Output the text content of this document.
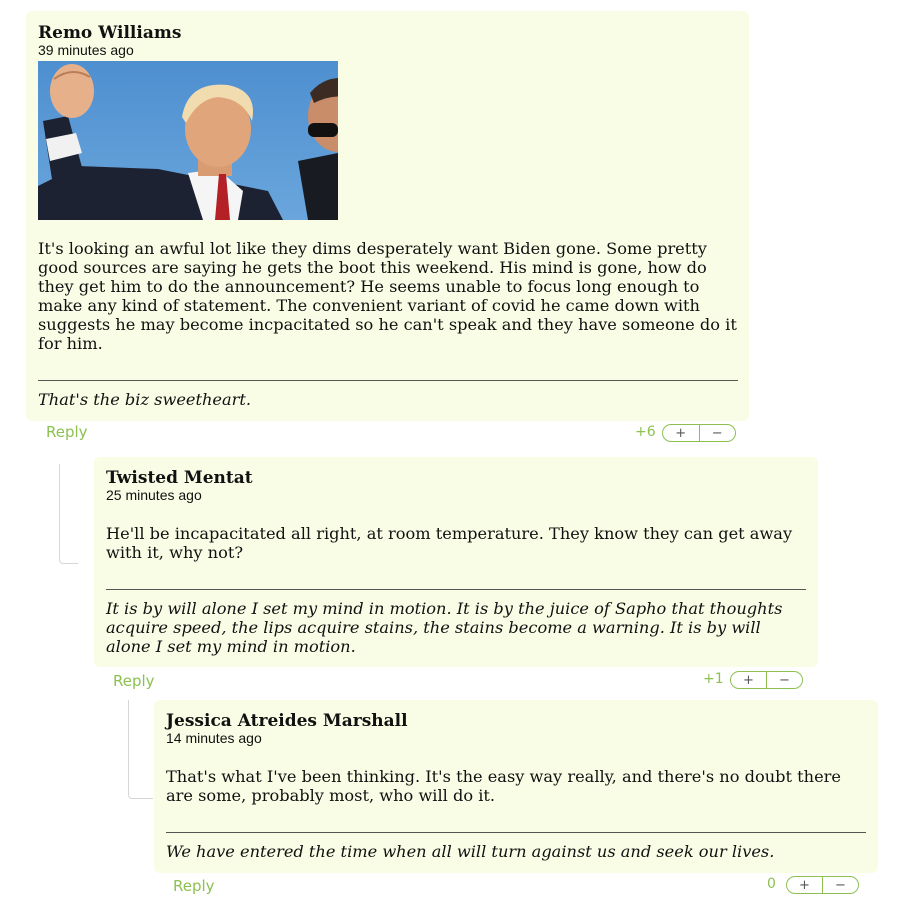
Remo Williams
39 minutes ago
It's looking an awful lot like they dims desperately want Biden gone. Some pretty good sources are saying he gets the boot this weekend. His mind is gone, how do they get him to do the announcement? He seems unable to focus long enough to make any kind of statement. The convenient variant of covid he came down with suggests he may become incpacitated so he can't speak and they have someone do it for him.
That's the biz sweetheart.
Reply	+6	+	−
Twisted Mentat
25 minutes ago
He'll be incapacitated all right, at room temperature. They know they can get away with it, why not?
It is by will alone I set my mind in motion. It is by the juice of Sapho that thoughts acquire speed, the lips acquire stains, the stains become a warning. It is by will alone I set my mind in motion.
Reply	+1	+	−
Jessica Atreides Marshall
14 minutes ago
That's what I've been thinking. It's the easy way really, and there's no doubt there are some, probably most, who will do it.
We have entered the time when all will turn against us and seek our lives.
Reply	0	+	−
